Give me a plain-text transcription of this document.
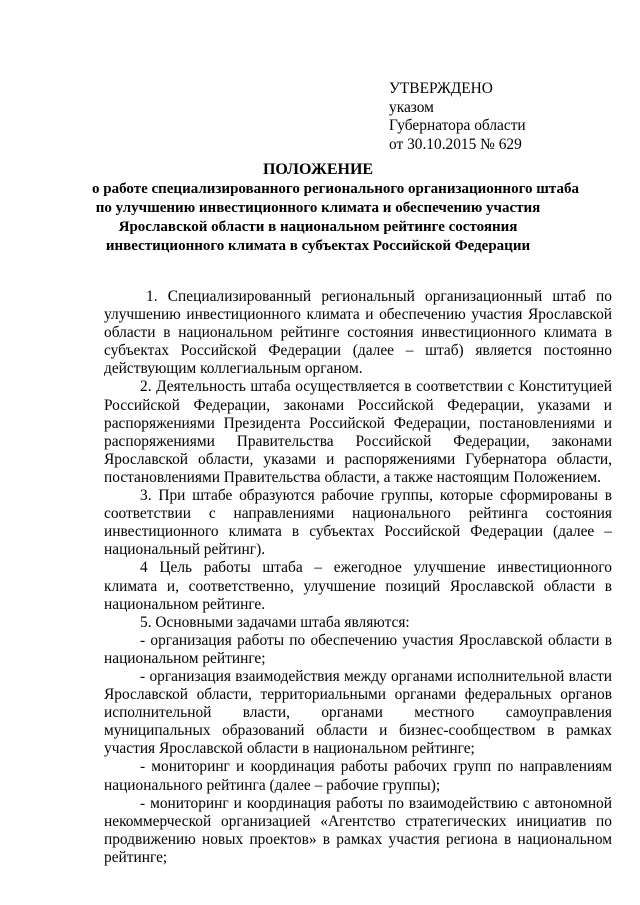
УТВЕРЖДЕНО
указом
Губернатора области
от 30.10.2015 № 629
ПОЛОЖЕНИЕ
о работе специализированного регионального организационного штаба
по улучшению инвестиционного климата и обеспечению участия
Ярославской области в национальном рейтинге состояния
инвестиционного климата в субъектах Российской Федерации

1. Специализированный региональный организационный штаб по улучшению инвестиционного климата и обеспечению участия Ярославской области в национальном рейтинге состояния инвестиционного климата в субъектах Российской Федерации (далее – штаб) является постоянно действующим коллегиальным органом.

2. Деятельность штаба осуществляется в соответствии с Конституцией Российской Федерации, законами Российской Федерации, указами и распоряжениями Президента Российской Федерации, постановлениями и распоряжениями Правительства Российской Федерации, законами Ярославской области, указами и распоряжениями Губернатора области, постановлениями Правительства области, а также настоящим Положением.

3. При штабе образуются рабочие группы, которые сформированы в соответствии с направлениями национального рейтинга состояния инвестиционного климата в субъектах Российской Федерации (далее – национальный рейтинг).

4 Цель работы штаба – ежегодное улучшение инвестиционного климата и, соответственно, улучшение позиций Ярославской области в национальном рейтинге.

5. Основными задачами штаба являются:

- организация работы по обеспечению участия Ярославской области в национальном рейтинге;

- организация взаимодействия между органами исполнительной власти Ярославской области, территориальными органами федеральных органов исполнительной власти, органами местного самоуправления муниципальных образований области и бизнес-сообществом в рамках участия Ярославской области в национальном рейтинге;

- мониторинг и координация работы рабочих групп по направлениям национального рейтинга (далее – рабочие группы);

- мониторинг и координация работы по взаимодействию с автономной некоммерческой организацией «Агентство стратегических инициатив по продвижению новых проектов» в рамках участия региона в национальном рейтинге;
